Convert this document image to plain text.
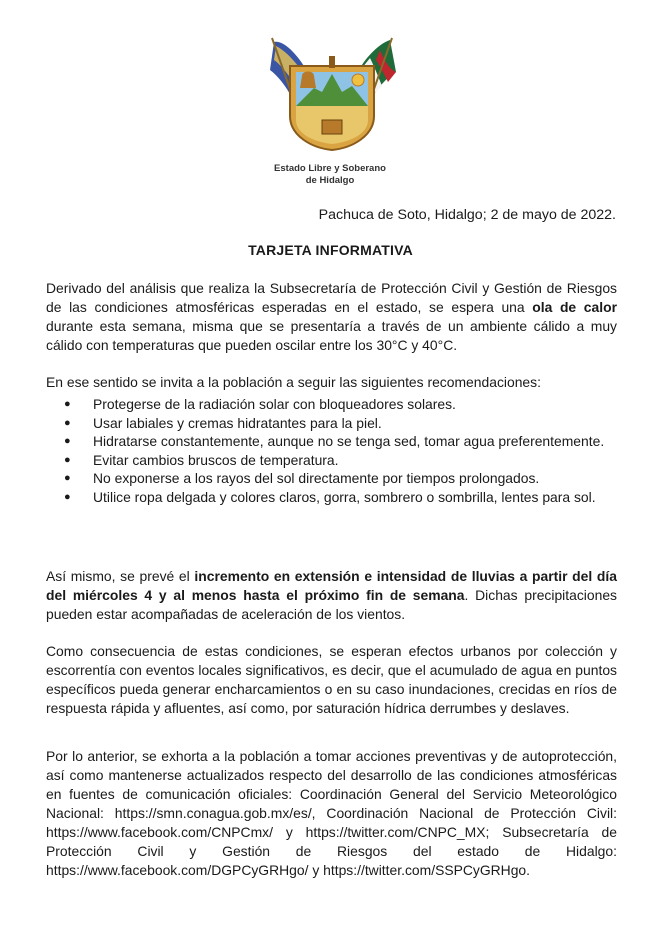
Estado Libre y Soberano
de Hidalgo
Pachuca de Soto, Hidalgo; 2 de mayo de 2022.
TARJETA INFORMATIVA

Derivado del análisis que realiza la Subsecretaría de Protección Civil y Gestión de Riesgos de las condiciones atmosféricas esperadas en el estado, se espera una ola de calor durante esta semana, misma que se presentaría a través de un ambiente cálido a muy cálido con temperaturas que pueden oscilar entre los 30°C y 40°C.

En ese sentido se invita a la población a seguir las siguientes recomendaciones:

● Protegerse de la radiación solar con bloqueadores solares.
● Usar labiales y cremas hidratantes para la piel.
● Hidratarse constantemente, aunque no se tenga sed, tomar agua preferentemente.
● Evitar cambios bruscos de temperatura.
● No exponerse a los rayos del sol directamente por tiempos prolongados.
● Utilice ropa delgada y colores claros, gorra, sombrero o sombrilla, lentes para sol.

Así mismo, se prevé el incremento en extensión e intensidad de lluvias a partir del día del miércoles 4 y al menos hasta el próximo fin de semana. Dichas precipitaciones pueden estar acompañadas de aceleración de los vientos.

Como consecuencia de estas condiciones, se esperan efectos urbanos por colección y escorrentía con eventos locales significativos, es decir, que el acumulado de agua en puntos específicos pueda generar encharcamientos o en su caso inundaciones, crecidas en ríos de respuesta rápida y afluentes, así como, por saturación hídrica derrumbes y deslaves.

Por lo anterior, se exhorta a la población a tomar acciones preventivas y de autoprotección, así como mantenerse actualizados respecto del desarrollo de las condiciones atmosféricas en fuentes de comunicación oficiales: Coordinación General del Servicio Meteorológico Nacional: https://smn.conagua.gob.mx/es/, Coordinación Nacional de Protección Civil: https://www.facebook.com/CNPCmx/ y https://twitter.com/CNPC_MX; Subsecretaría de Protección Civil y Gestión de Riesgos del estado de Hidalgo: https://www.facebook.com/DGPCyGRHgo/ y https://twitter.com/SSPCyGRHgo.
